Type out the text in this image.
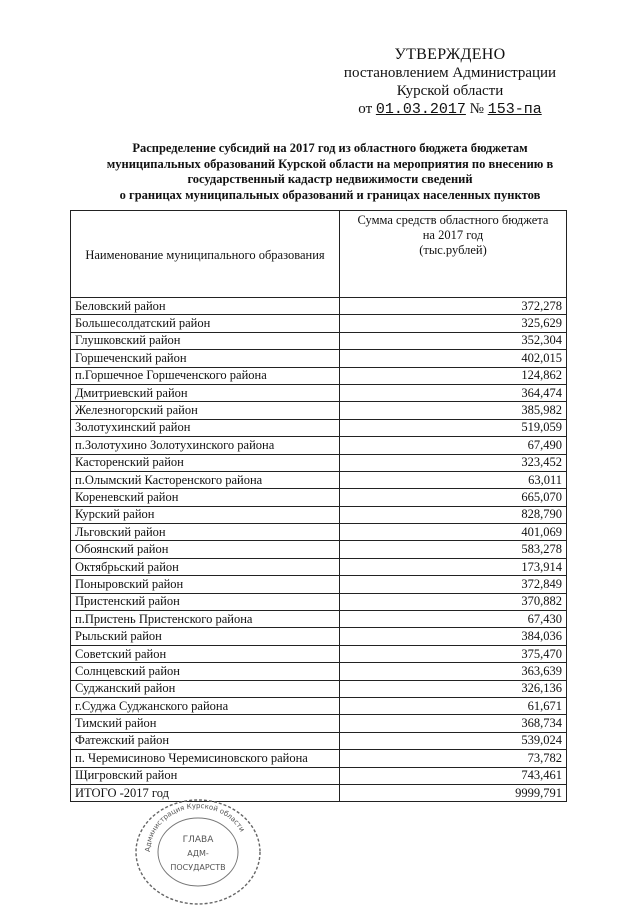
УТВЕРЖДЕНО
постановлением Администрации
Курской области
от 01.03.2017 № 153-па
Распределение субсидий на 2017 год из областного бюджета бюджетам
муниципальных образований Курской области на мероприятия по внесению в
государственный кадастр недвижимости сведений
о границах муниципальных образований и границах населенных пунктов
Наименование муниципального образования	Сумма средств областного бюджета
на 2017 год
(тыс.рублей)

Беловский район	372,278
Большесолдатский район	325,629
Глушковский район	352,304
Горшеченский район	402,015
п.Горшечное Горшеченского района	124,862
Дмитриевский район	364,474
Железногорский район	385,982
Золотухинский район	519,059
п.Золотухино Золотухинского района	67,490
Касторенский район	323,452
п.Олымский Касторенского района	63,011
Кореневский район	665,070
Курский район	828,790
Льговский район	401,069
Обоянский район	583,278
Октябрьский район	173,914
Поныровский район	372,849
Пристенский район	370,882
п.Пристень Пристенского района	67,430
Рыльский район	384,036
Советский район	375,470
Солнцевский район	363,639
Суджанский район	326,136
г.Суджа Суджанского района	61,671
Тимский район	368,734
Фатежский район	539,024
п. Черемисиново Черемисиновского района	73,782
Щигровский район	743,461
ИТОГО -2017 год	9999,791
Администрация Курской области
ГЛАВА
АДМ-
ПОСУДАРСТВ
